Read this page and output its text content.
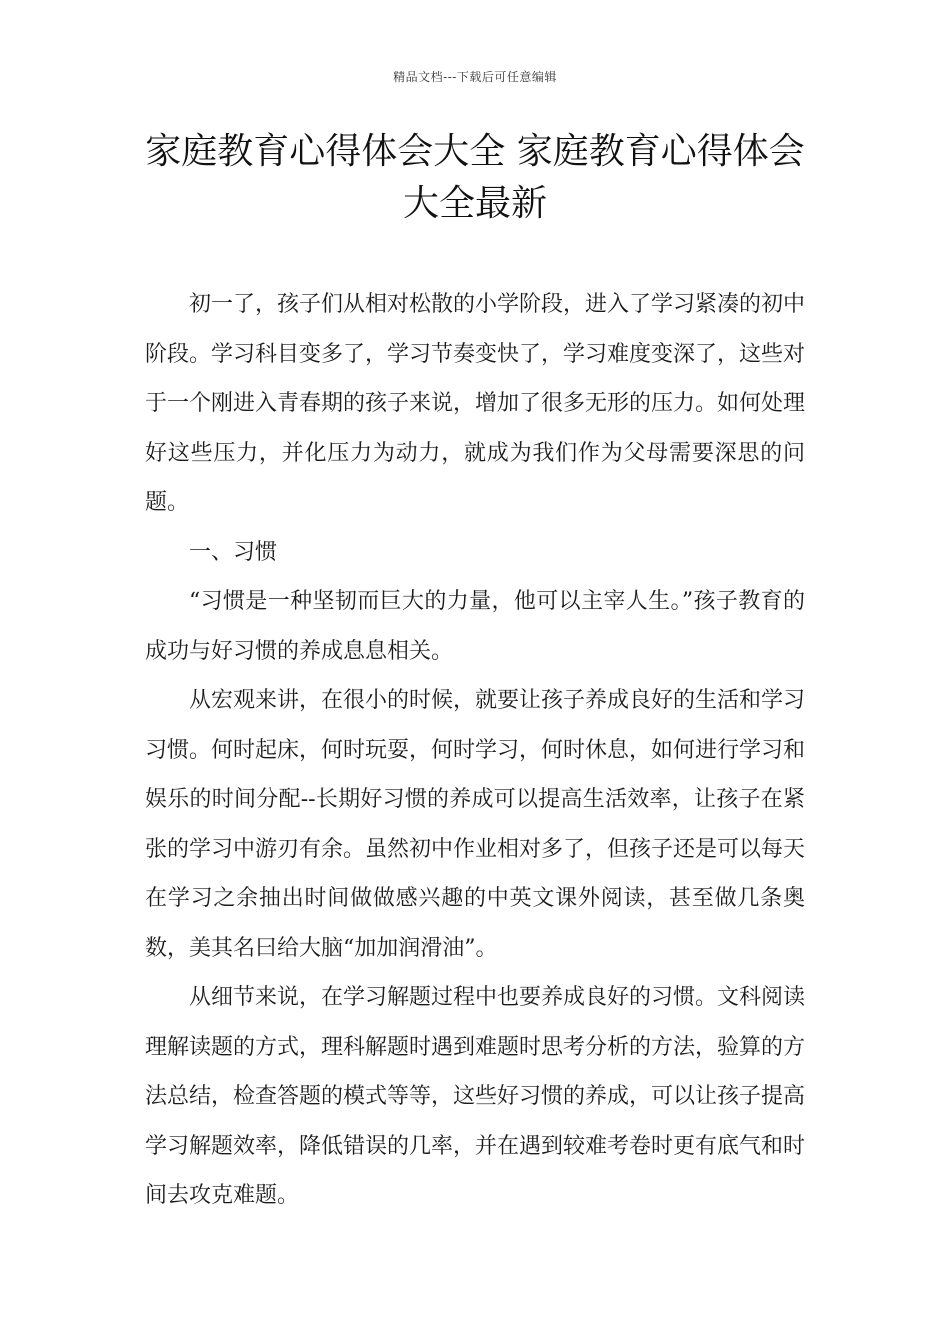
精品文档---下载后可任意编辑
家庭教育心得体会大全 家庭教育心得体会大全最新

初一了，孩子们从相对松散的小学阶段，进入了学习紧凑的初中阶段。学习科目变多了，学习节奏变快了，学习难度变深了，这些对于一个刚进入青春期的孩子来说，增加了很多无形的压力。如何处理好这些压力，并化压力为动力，就成为我们作为父母需要深思的问题。

一、习惯

“习惯是一种坚韧而巨大的力量，他可以主宰人生。”孩子教育的成功与好习惯的养成息息相关。

从宏观来讲，在很小的时候，就要让孩子养成良好的生活和学习习惯。何时起床，何时玩耍，何时学习，何时休息，如何进行学习和娱乐的时间分配--长期好习惯的养成可以提高生活效率，让孩子在紧张的学习中游刃有余。虽然初中作业相对多了，但孩子还是可以每天在学习之余抽出时间做做感兴趣的中英文课外阅读，甚至做几条奥数，美其名曰给大脑“加加润滑油”。

从细节来说，在学习解题过程中也要养成良好的习惯。文科阅读理解读题的方式，理科解题时遇到难题时思考分析的方法，验算的方法总结，检查答题的模式等等，这些好习惯的养成，可以让孩子提高学习解题效率，降低错误的几率，并在遇到较难考卷时更有底气和时间去攻克难题。
